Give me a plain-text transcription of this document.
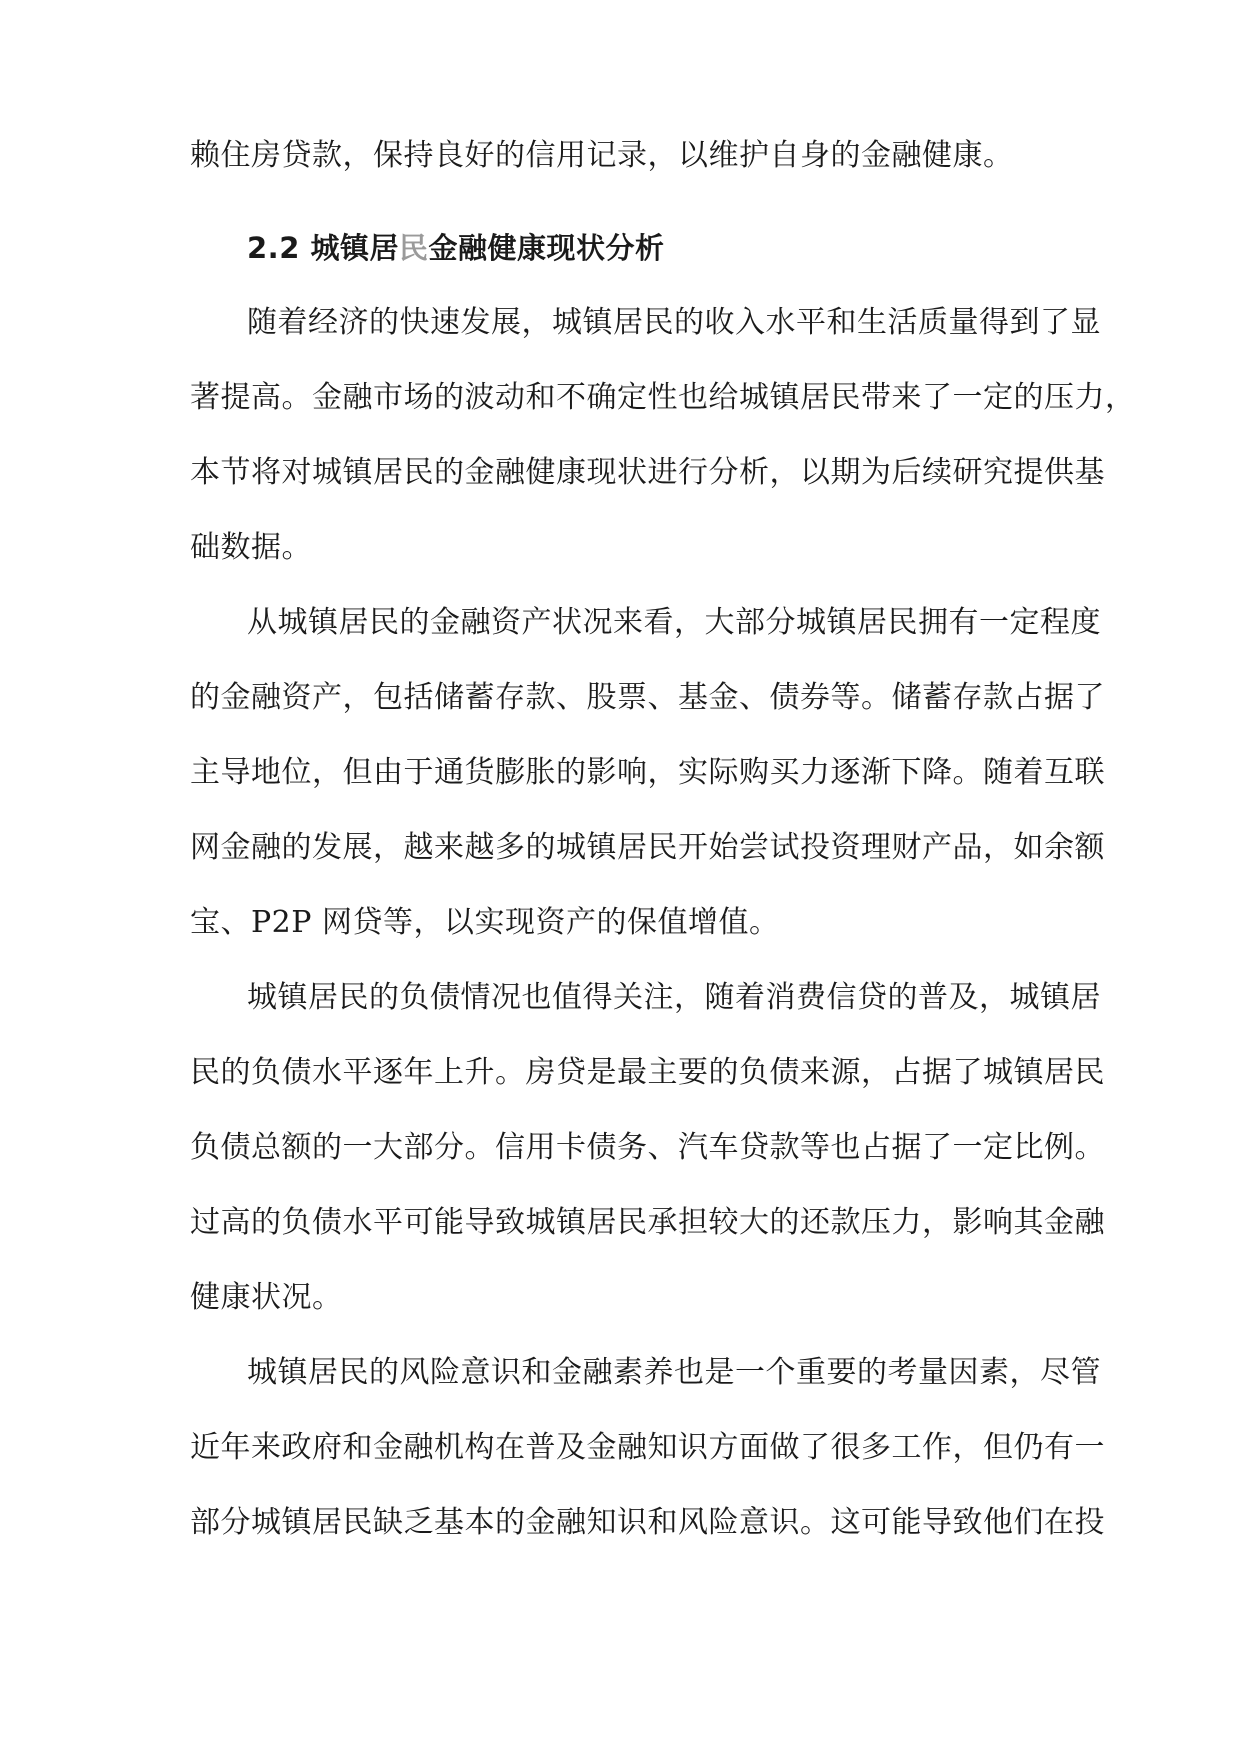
赖住房贷款，保持良好的信用记录，以维护自身的金融健康。
2.2 城镇居民金融健康现状分析
随着经济的快速发展，城镇居民的收入水平和生活质量得到了显
著提高。金融市场的波动和不确定性也给城镇居民带来了一定的压力，
本节将对城镇居民的金融健康现状进行分析，以期为后续研究提供基
础数据。
从城镇居民的金融资产状况来看，大部分城镇居民拥有一定程度
的金融资产，包括储蓄存款、股票、基金、债券等。储蓄存款占据了
主导地位，但由于通货膨胀的影响，实际购买力逐渐下降。随着互联
网金融的发展，越来越多的城镇居民开始尝试投资理财产品，如余额
宝、P2P 网贷等，以实现资产的保值增值。
城镇居民的负债情况也值得关注，随着消费信贷的普及，城镇居
民的负债水平逐年上升。房贷是最主要的负债来源，占据了城镇居民
负债总额的一大部分。信用卡债务、汽车贷款等也占据了一定比例。
过高的负债水平可能导致城镇居民承担较大的还款压力，影响其金融
健康状况。
城镇居民的风险意识和金融素养也是一个重要的考量因素，尽管
近年来政府和金融机构在普及金融知识方面做了很多工作，但仍有一
部分城镇居民缺乏基本的金融知识和风险意识。这可能导致他们在投
